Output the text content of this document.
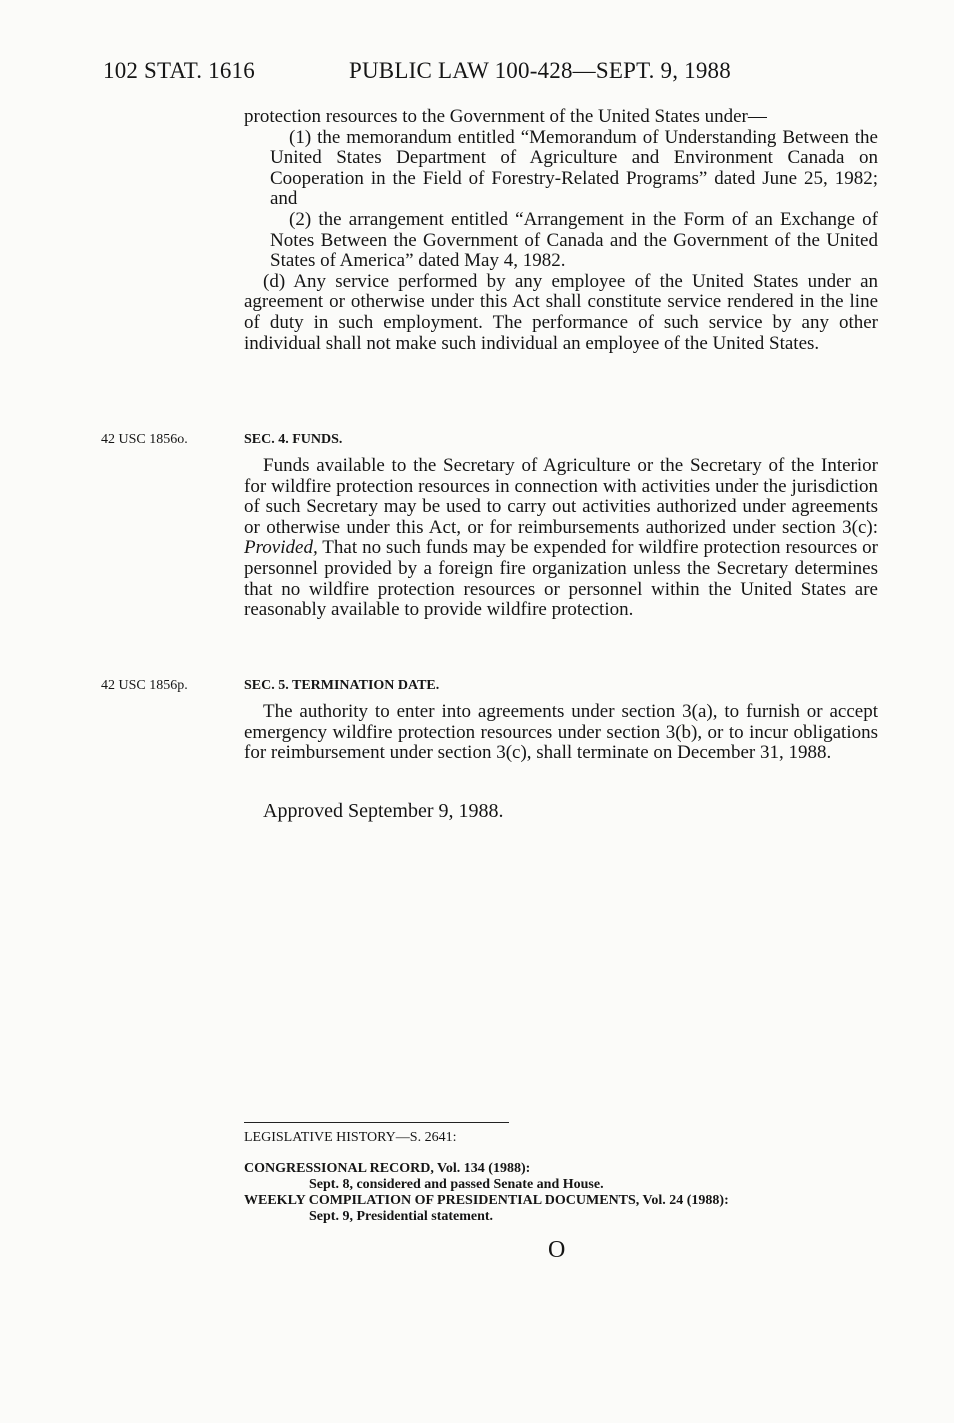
102 STAT. 1616	PUBLIC LAW 100-428—SEPT. 9, 1988

protection resources to the Government of the United States under—

(1) the memorandum entitled “Memorandum of Understanding Between the United States Department of Agriculture and Environment Canada on Cooperation in the Field of Forestry-Related Programs” dated June 25, 1982; and

(2) the arrangement entitled “Arrangement in the Form of an Exchange of Notes Between the Government of Canada and the Government of the United States of America” dated May 4, 1982.

(d) Any service performed by any employee of the United States under an agreement or otherwise under this Act shall constitute service rendered in the line of duty in such employment. The performance of such service by any other individual shall not make such individual an employee of the United States.

42 USC 1856o.	SEC. 4. FUNDS.

Funds available to the Secretary of Agriculture or the Secretary of the Interior for wildfire protection resources in connection with activities under the jurisdiction of such Secretary may be used to carry out activities authorized under agreements or otherwise under this Act, or for reimbursements authorized under section 3(c): Provided, That no such funds may be expended for wildfire protection resources or personnel provided by a foreign fire organization unless the Secretary determines that no wildfire protection resources or personnel within the United States are reasonably available to provide wildfire protection.

42 USC 1856p.	SEC. 5. TERMINATION DATE.

The authority to enter into agreements under section 3(a), to furnish or accept emergency wildfire protection resources under section 3(b), or to incur obligations for reimbursement under section 3(c), shall terminate on December 31, 1988.

Approved September 9, 1988.
LEGISLATIVE HISTORY—S. 2641:
CONGRESSIONAL RECORD, Vol. 134 (1988):
Sept. 8, considered and passed Senate and House.
WEEKLY COMPILATION OF PRESIDENTIAL DOCUMENTS, Vol. 24 (1988):
Sept. 9, Presidential statement.
O
